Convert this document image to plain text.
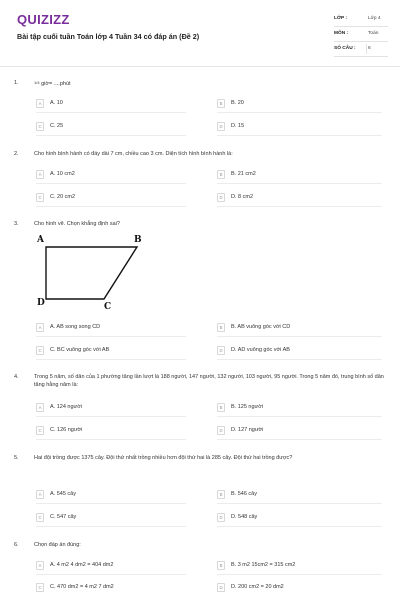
QUIZIZZ
Bài tập cuối tuần Toán lớp 4 Tuần 34 có đáp án (Đề 2)
LỚP :	Lớp 4
MÔN :	Toán
SỐ CÂU :	6
1.	1/4 giờ= ....phút
A	A. 10	B	B. 20
C	C. 25	D	D. 15
2.	Cho hình bình hành có đáy dài 7 cm, chiều cao 3 cm. Diện tích hình bình hành là:
A	A. 10 cm2	B	B. 21 cm2
C	C. 20 cm2	D	D. 8 cm2
3.	Cho hình vẽ. Chọn khẳng định sai?
A	B
C
D
A	A. AB song song CD	B	B. AB vuông góc với CD
C	C. BC vuông góc với AB	D	D. AD vuông góc với AB
4.	Trong 5 năm, số dân của 1 phường tăng lần lượt là 188 người, 147 người, 132 người, 103 người, 95 người. Trong 5 năm đó, trung bình số dân tăng hằng năm là:
A	A. 124 người	B	B. 125 người
C	C. 126 người	D	D. 127 người
5.	Hai đội trồng được 1375 cây. Đội thứ nhất trồng nhiều hơn đội thứ hai là 285 cây. Đội thứ hai trồng được?
A	A. 545 cây	B	B. 546 cây
C	C. 547 cây	D	D. 548 cây
6.	Chọn đáp án đúng:
A	A. 4 m2 4 dm2 = 404 dm2	B	B. 3 m2 15cm2 = 315 cm2
C	C. 470 dm2 = 4 m2 7 dm2	D	D. 200 cm2 = 20 dm2
